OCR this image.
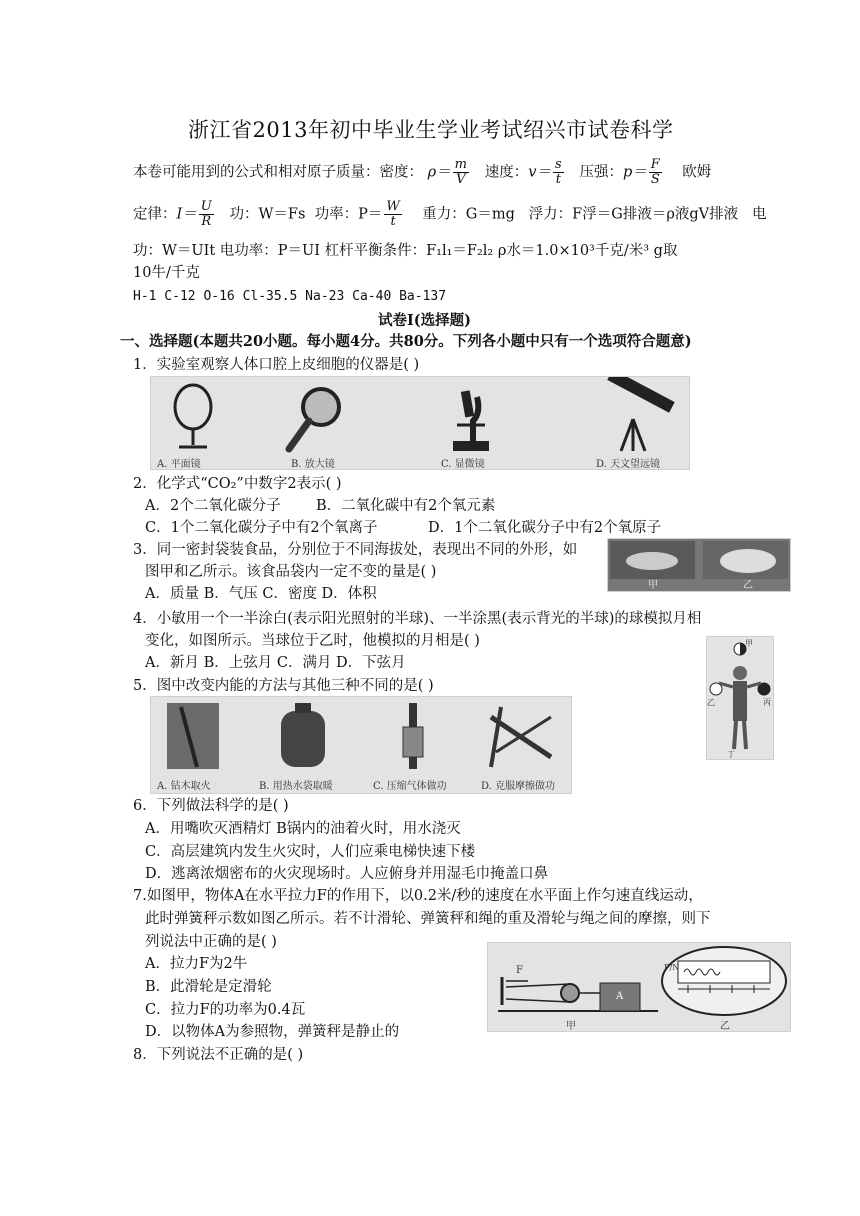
浙江省2013年初中毕业生学业考试绍兴市试卷科学
本卷可能用到的公式和相对原子质量：密度： $\rho= \frac{m}{V}$ 速度：$v= \frac{s}{t}$ 压强：$p= \frac{F}{S}$ 欧姆
定律：$I= \frac{U}{R}$ 功：W＝Fs 功率：$P= \frac{W}{t}$ 重力：G＝mg 浮力：F浮＝G排液＝ρ液gV排液 电
功：W＝UIt 电功率：P＝UI 杠杆平衡条件：F₁l₁＝F₂l₂ ρ水＝1.0×10³千克/米³ g取
10牛/千克
H-1 C-12 O-16 Cl-35.5 Na-23 Ca-40 Ba-137
试卷Ⅰ(选择题)
一、选择题(本题共20小题。每小题4分。共80分。下列各小题中只有一个选项符合题意)
1．实验室观察人体口腔上皮细胞的仪器是( )
A. 平面镜	B. 放大镜	C. 显微镜	D. 天文望远镜
2．化学式“CO₂”中数字2表示( )
A．2个二氧化碳分子 B．二氧化碳中有2个氧元素
C．1个二氧化碳分子中有2个氧离子	D．1个二氧化碳分子中有2个氧原子
3．同一密封袋装食品，分别位于不同海拔处，表现出不同的外形，如
图甲和乙所示。该食品袋内一定不变的量是( )
A．质量 B．气压 C．密度 D．体积
甲	乙
4．小敏用一个一半涂白(表示阳光照射的半球)、一半涂黑(表示背光的半球)的球模拟月相
变化，如图所示。当球位于乙时，他模拟的月相是( )
A．新月 B．上弦月 C．满月 D．下弦月
甲
乙	丙
丁
5．图中改变内能的方法与其他三种不同的是( )
A. 钻木取火	B. 用热水袋取暖	C. 压缩气体做功	D. 克服摩擦做功
6．下列做法科学的是( )
A．用嘴吹灭酒精灯 B锅内的油着火时，用水浇灭
C．高层建筑内发生火灾时，人们应乘电梯快速下楼
D．逃离浓烟密布的火灾现场时。人应俯身并用湿毛巾掩盖口鼻
7.如图甲，物体A在水平拉力F的作用下，以0.2米/秒的速度在水平面上作匀速直线运动，
此时弹簧秤示数如图乙所示。若不计滑轮、弹簧秤和绳的重及滑轮与绳之间的摩擦，则下
列说法中正确的是( )
A．拉力F为2牛
B．此滑轮是定滑轮
C．拉力F的功率为0.4瓦
D．以物体A为参照物，弹簧秤是静止的
F
A
F/N
甲	乙
8．下列说法不正确的是( )
